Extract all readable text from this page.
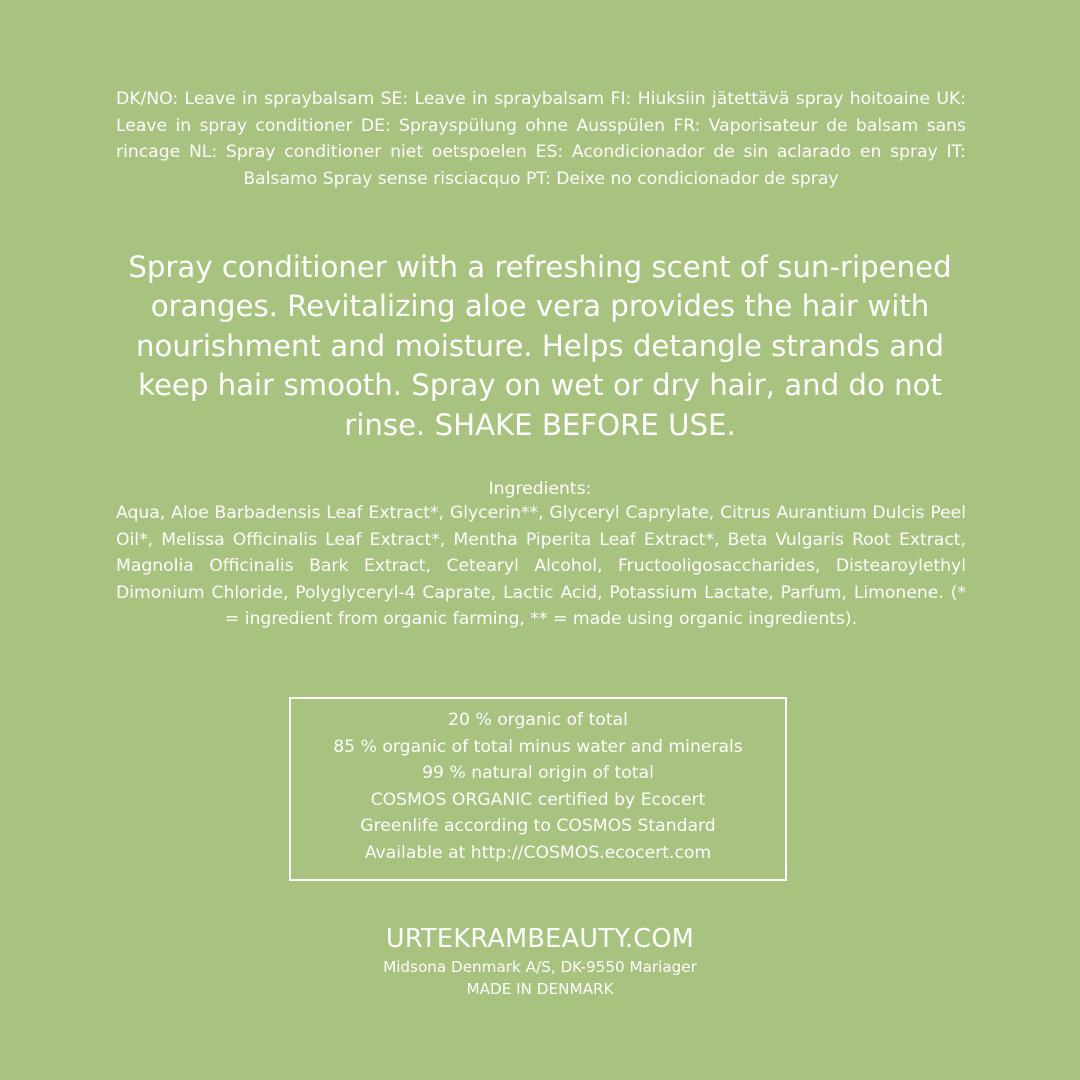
DK/NO: Leave in spraybalsam SE: Leave in spraybalsam FI: Hiuksiin jätettävä spray hoitoaine UK: Leave in spray conditioner DE: Sprayspülung ohne Ausspülen FR: Vaporisateur de balsam sans rincage NL: Spray conditioner niet oetspoelen ES: Acondicionador de sin aclarado en spray IT: Balsamo Spray sense risciacquo PT: Deixe no condicionador de spray
Spray conditioner with a refreshing scent of sun-ripened oranges. Revitalizing aloe vera provides the hair with nourishment and moisture. Helps detangle strands and keep hair smooth. Spray on wet or dry hair, and do not rinse. SHAKE BEFORE USE.
Ingredients:
Aqua, Aloe Barbadensis Leaf Extract*, Glycerin**, Glyceryl Caprylate, Citrus Aurantium Dulcis Peel Oil*, Melissa Officinalis Leaf Extract*, Mentha Piperita Leaf Extract*, Beta Vulgaris Root Extract, Magnolia Officinalis Bark Extract, Cetearyl Alcohol, Fructooligosaccharides, Distearoylethyl Dimonium Chloride, Polyglyceryl-4 Caprate, Lactic Acid, Potassium Lactate, Parfum, Limonene. (* = ingredient from organic farming, ** = made using organic ingredients).
20 % organic of total
85 % organic of total minus water and minerals
99 % natural origin of total
COSMOS ORGANIC certified by Ecocert
Greenlife according to COSMOS Standard
Available at http://COSMOS.ecocert.com
URTEKRAMBEAUTY.COM
Midsona Denmark A/S, DK-9550 Mariager
MADE IN DENMARK
